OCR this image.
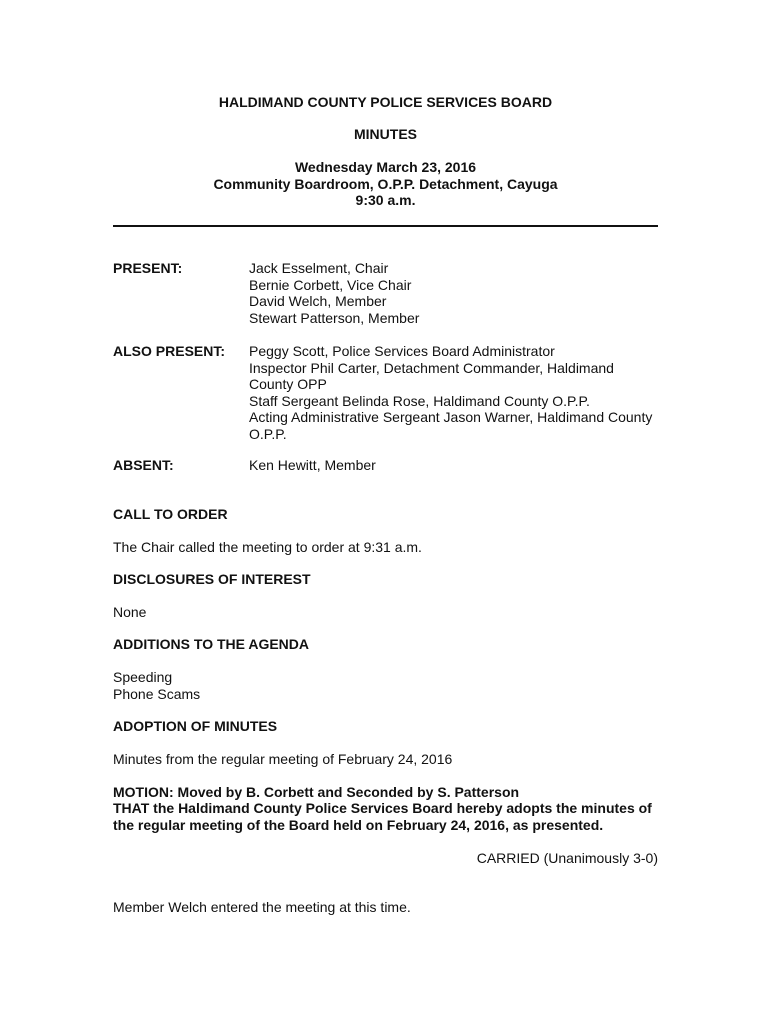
HALDIMAND COUNTY POLICE SERVICES BOARD
MINUTES
Wednesday March 23, 2016
Community Boardroom, O.P.P. Detachment, Cayuga
9:30 a.m.
PRESENT:	Jack Esselment, Chair
Bernie Corbett, Vice Chair
David Welch, Member
Stewart Patterson, Member
ALSO PRESENT: Peggy Scott, Police Services Board Administrator
Inspector Phil Carter, Detachment Commander, Haldimand County OPP
Staff Sergeant Belinda Rose, Haldimand County O.P.P.
Acting Administrative Sergeant Jason Warner, Haldimand County O.P.P.
ABSENT:	Ken Hewitt, Member
CALL TO ORDER
The Chair called the meeting to order at 9:31 a.m.
DISCLOSURES OF INTEREST
None
ADDITIONS TO THE AGENDA
Speeding
Phone Scams
ADOPTION OF MINUTES
Minutes from the regular meeting of February 24, 2016
MOTION: Moved by B. Corbett and Seconded by S. Patterson
THAT the Haldimand County Police Services Board hereby adopts the minutes of the regular meeting of the Board held on February 24, 2016, as presented.
CARRIED (Unanimously 3-0)
Member Welch entered the meeting at this time.
